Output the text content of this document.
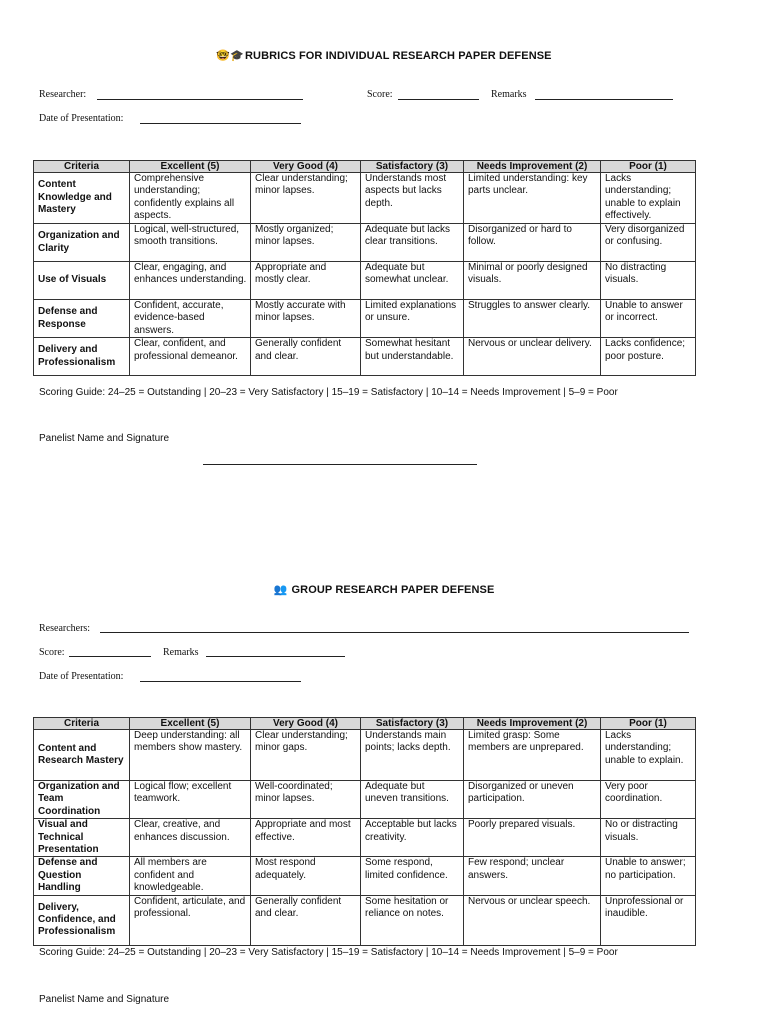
🤓🎓RUBRICS FOR INDIVIDUAL RESEARCH PAPER DEFENSE
Researcher:	Score:	Remarks
Date of Presentation:
Criteria	Excellent (5)	Very Good (4)	Satisfactory (3)	Needs Improvement (2)	Poor (1)
Content Knowledge and Mastery	Comprehensive understanding; confidently explains all aspects.	Clear understanding; minor lapses.	Understands most aspects but lacks depth.	Limited understanding: key parts unclear.	Lacks understanding; unable to explain effectively.
Organization and Clarity	Logical, well-structured, smooth transitions.	Mostly organized; minor lapses.	Adequate but lacks clear transitions.	Disorganized or hard to follow.	Very disorganized or confusing.
Use of Visuals	Clear, engaging, and enhances understanding.	Appropriate and mostly clear.	Adequate but somewhat unclear.	Minimal or poorly designed visuals.	No distracting visuals.
Defense and Response	Confident, accurate, evidence-based answers.	Mostly accurate with minor lapses.	Limited explanations or unsure.	Struggles to answer clearly.	Unable to answer or incorrect.
Delivery and Professionalism	Clear, confident, and professional demeanor.	Generally confident and clear.	Somewhat hesitant but understandable.	Nervous or unclear delivery.	Lacks confidence; poor posture.
Scoring Guide: 24–25 = Outstanding | 20–23 = Very Satisfactory | 15–19 = Satisfactory | 10–14 = Needs Improvement | 5–9 = Poor
Panelist Name and Signature
👥 GROUP RESEARCH PAPER DEFENSE
Researchers:
Score:	Remarks
Date of Presentation:
Criteria	Excellent (5)	Very Good (4)	Satisfactory (3)	Needs Improvement (2)	Poor (1)
Content and Research Mastery	Deep understanding: all members show mastery.	Clear understanding; minor gaps.	Understands main points; lacks depth.	Limited grasp: Some members are unprepared.	Lacks understanding; unable to explain.
Organization and Team Coordination	Logical flow; excellent teamwork.	Well-coordinated; minor lapses.	Adequate but uneven transitions.	Disorganized or uneven participation.	Very poor coordination.
Visual and Technical Presentation	Clear, creative, and enhances discussion.	Appropriate and most effective.	Acceptable but lacks creativity.	Poorly prepared visuals.	No or distracting visuals.
Defense and Question Handling	All members are confident and knowledgeable.	Most respond adequately.	Some respond, limited confidence.	Few respond; unclear answers.	Unable to answer; no participation.
Delivery, Confidence, and Professionalism	Confident, articulate, and professional.	Generally confident and clear.	Some hesitation or reliance on notes.	Nervous or unclear speech.	Unprofessional or inaudible.
Scoring Guide: 24–25 = Outstanding | 20–23 = Very Satisfactory | 15–19 = Satisfactory | 10–14 = Needs Improvement | 5–9 = Poor
Panelist Name and Signature
